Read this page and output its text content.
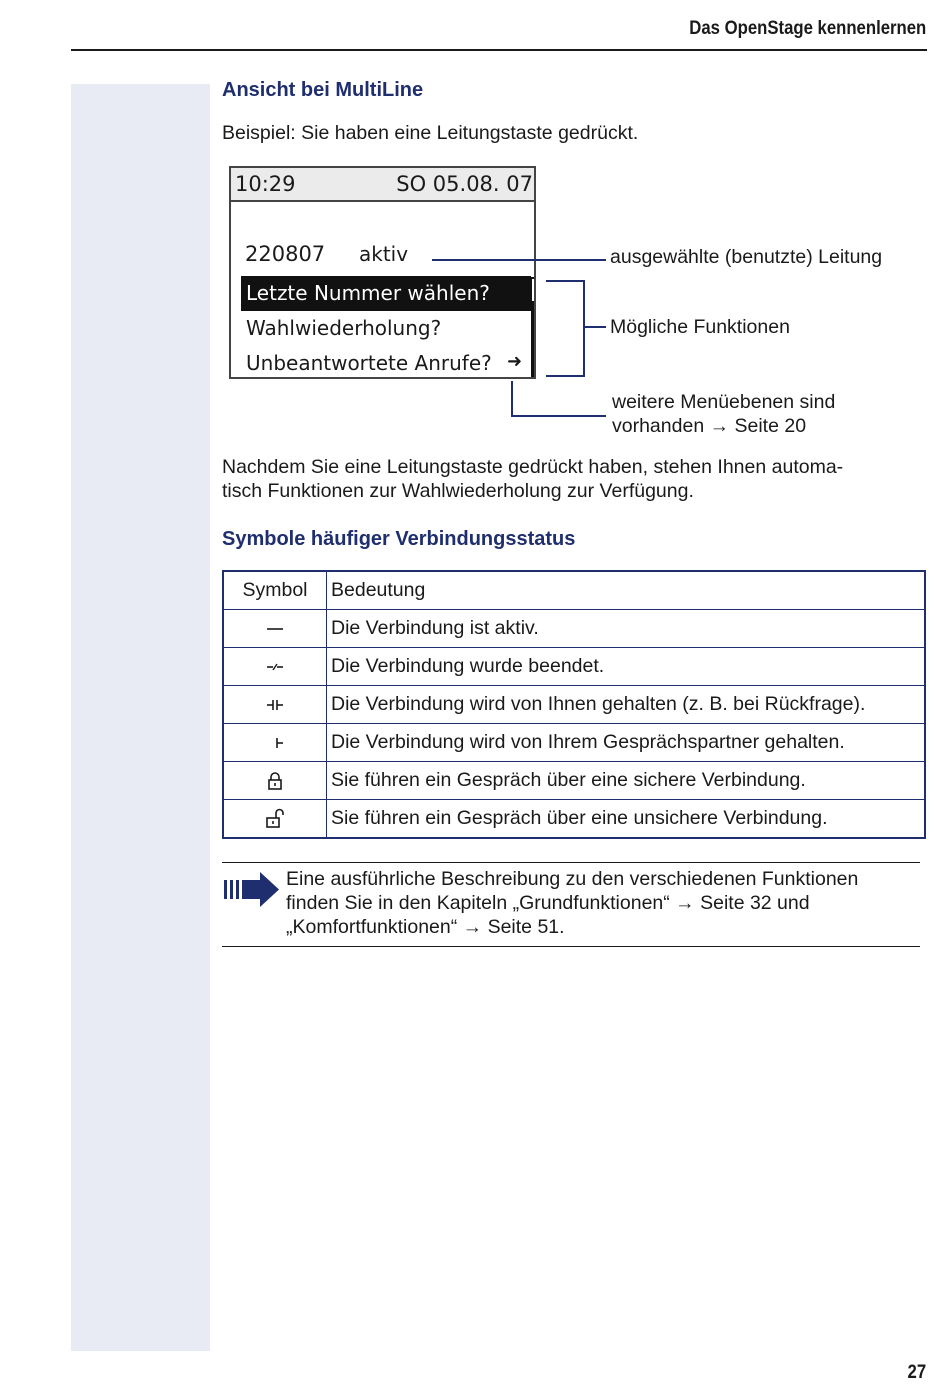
Das OpenStage kennenlernen
Ansicht bei MultiLine
Beispiel: Sie haben eine Leitungstaste gedrückt.
10:29	SO 05.08. 07
220807 aktiv
Letzte Nummer wählen?
Wahlwiederholung?
Unbeantwortete Anrufe? ➜
ausgewählte (benutzte) Leitung
Mögliche Funktionen
weitere Menüebenen sind
vorhanden → Seite 20
Nachdem Sie eine Leitungstaste gedrückt haben, stehen Ihnen automa-
tisch Funktionen zur Wahlwiederholung zur Verfügung.
Symbole häufiger Verbindungsstatus
Symbol	Bedeutung
	Die Verbindung ist aktiv.
	Die Verbindung wurde beendet.
	Die Verbindung wird von Ihnen gehalten (z. B. bei Rückfrage).
	Die Verbindung wird von Ihrem Gesprächspartner gehalten.
	Sie führen ein Gespräch über eine sichere Verbindung.
	Sie führen ein Gespräch über eine unsichere Verbindung.
Eine ausführliche Beschreibung zu den verschiedenen Funktionen
finden Sie in den Kapiteln „Grundfunktionen“ → Seite 32 und
„Komfortfunktionen“ → Seite 51.
27
